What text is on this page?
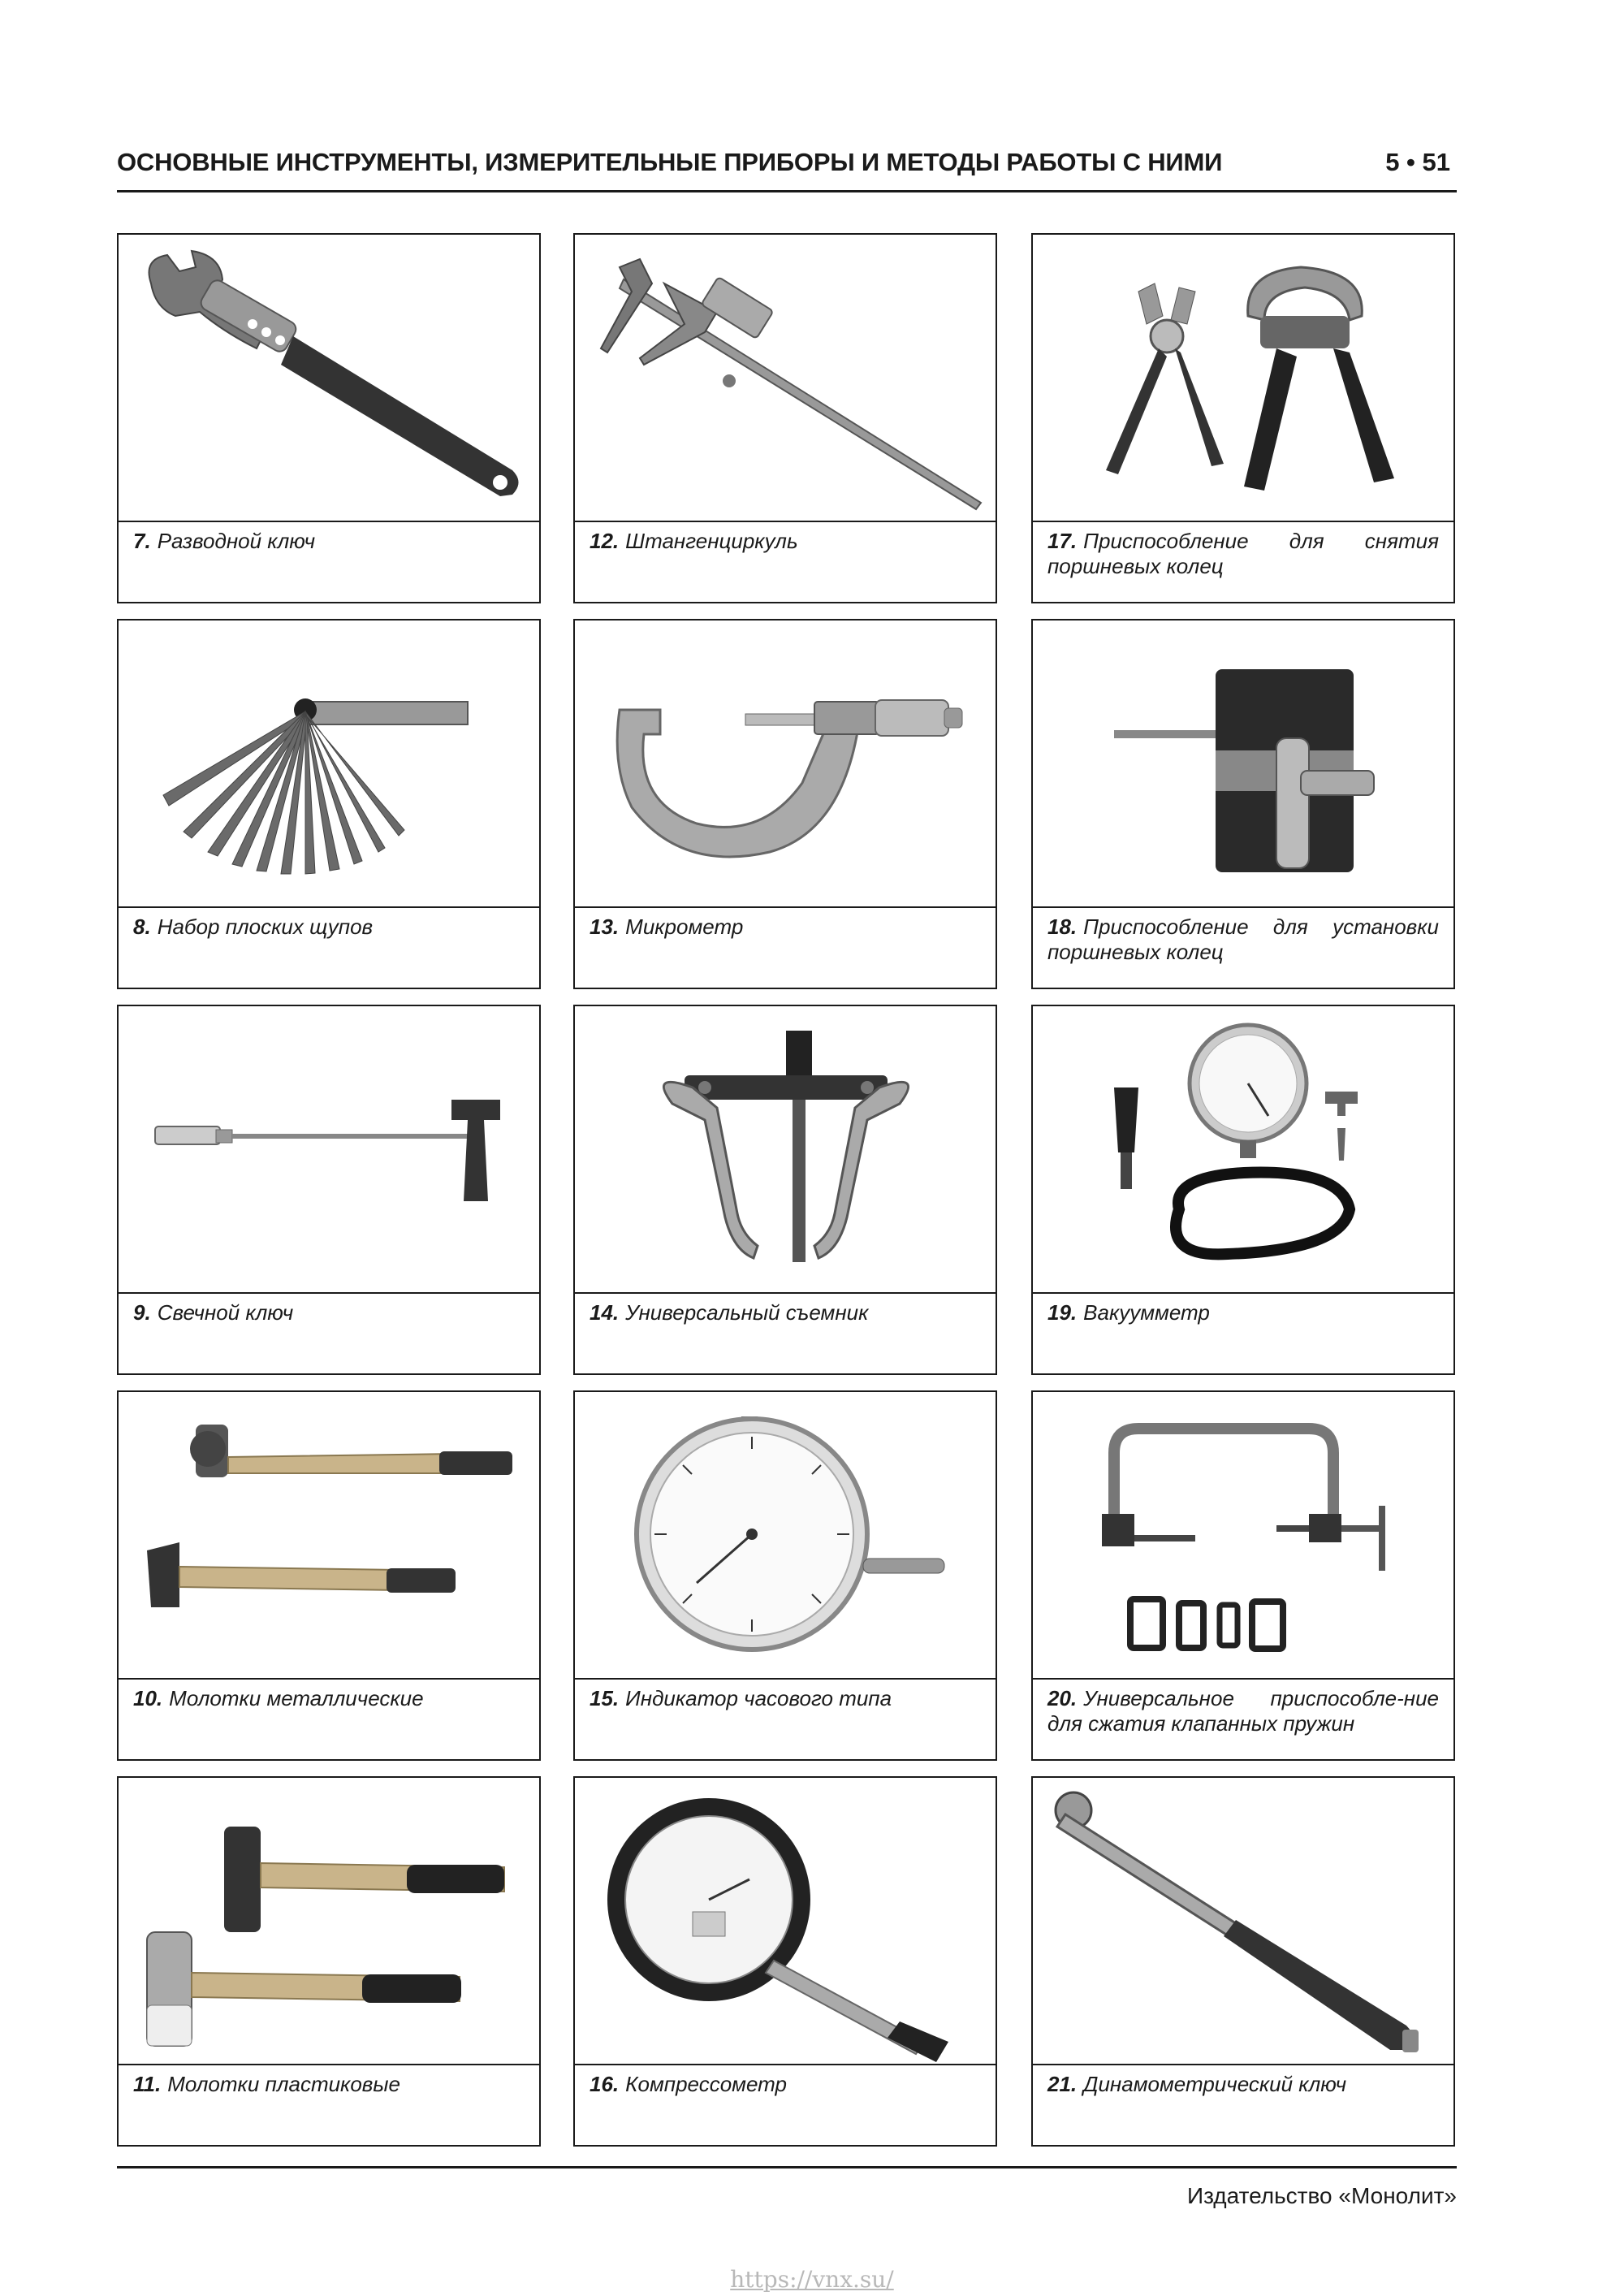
ОСНОВНЫЕ ИНСТРУМЕНТЫ, ИЗМЕРИТЕЛЬНЫЕ ПРИБОРЫ И МЕТОДЫ РАБОТЫ С НИМИ	5 • 51
7. Разводной ключ
8. Набор плоских щупов
9. Свечной ключ
10. Молотки металлические
11. Молотки пластиковые
12. Штангенциркуль
13. Микрометр
14. Универсальный съемник
15. Индикатор часового типа
16. Компрессометр
17. Приспособление для снятия поршневых колец
18. Приспособление для установки поршневых колец
19. Вакуумметр
20. Универсальное приспособле-ние для сжатия клапанных пружин
21. Динамометрический ключ
Издательство «Монолит»
https://vnx.su/
